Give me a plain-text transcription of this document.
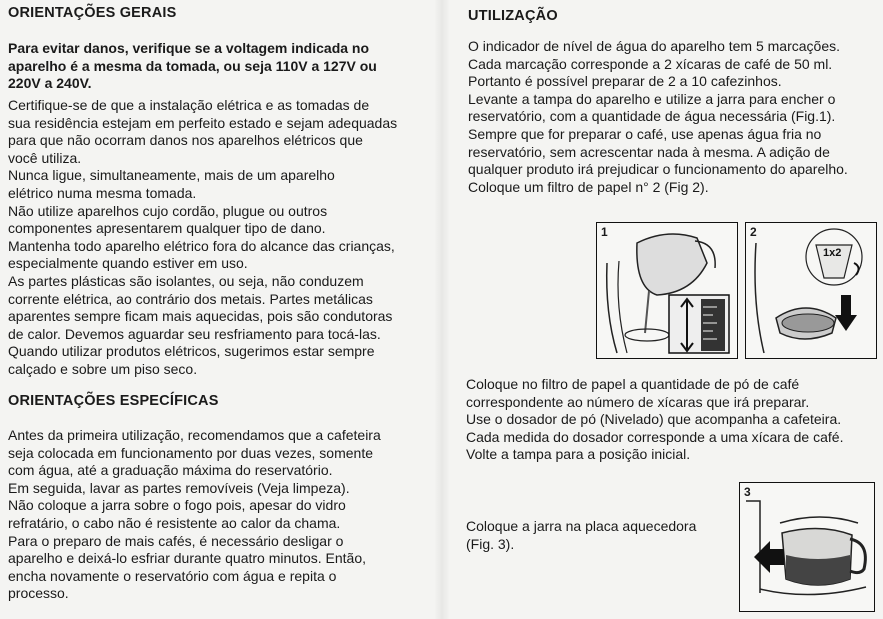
ORIENTAÇÕES GERAIS
Para evitar danos, verifique se a voltagem indicada no
aparelho é a mesma da tomada, ou seja 110V a 127V ou
220V a 240V.
Certifique-se de que a instalação elétrica e as tomadas de
sua residência estejam em perfeito estado e sejam adequadas
para que não ocorram danos nos aparelhos elétricos que
você utiliza.
Nunca ligue, simultaneamente, mais de um aparelho
elétrico numa mesma tomada.
Não utilize aparelhos cujo cordão, plugue ou outros
componentes apresentarem qualquer tipo de dano.
Mantenha todo aparelho elétrico fora do alcance das crianças,
especialmente quando estiver em uso.
As partes plásticas são isolantes, ou seja, não conduzem
corrente elétrica, ao contrário dos metais. Partes metálicas
aparentes sempre ficam mais aquecidas, pois são condutoras
de calor. Devemos aguardar seu resfriamento para tocá-las.
Quando utilizar produtos elétricos, sugerimos estar sempre
calçado e sobre um piso seco.
ORIENTAÇÕES ESPECÍFICAS
Antes da primeira utilização, recomendamos que a cafeteira
seja colocada em funcionamento por duas vezes, somente
com água, até a graduação máxima do reservatório.
Em seguida, lavar as partes removíveis (Veja limpeza).
Não coloque a jarra sobre o fogo pois, apesar do vidro
refratário, o cabo não é resistente ao calor da chama.
Para o preparo de mais cafés, é necessário desligar o
aparelho e deixá-lo esfriar durante quatro minutos. Então,
encha novamente o reservatório com água e repita o
processo.
UTILIZAÇÃO
O indicador de nível de água do aparelho tem 5 marcações.
Cada marcação corresponde a 2 xícaras de café de 50 ml.
Portanto é possível preparar de 2 a 10 cafezinhos.
Levante a tampa do aparelho e utilize a jarra para encher o
reservatório, com a quantidade de água necessária (Fig.1).
Sempre que for preparar o café, use apenas água fria no
reservatório, sem acrescentar nada à mesma. A adição de
qualquer produto irá prejudicar o funcionamento do aparelho.
Coloque um filtro de papel n° 2 (Fig 2).
1	2
1x2
Coloque no filtro de papel a quantidade de pó de café
correspondente ao número de xícaras que irá preparar.
Use o dosador de pó (Nivelado) que acompanha a cafeteira.
Cada medida do dosador corresponde a uma xícara de café.
Volte a tampa para a posição inicial.
Coloque a jarra na placa aquecedora
(Fig. 3).
3
